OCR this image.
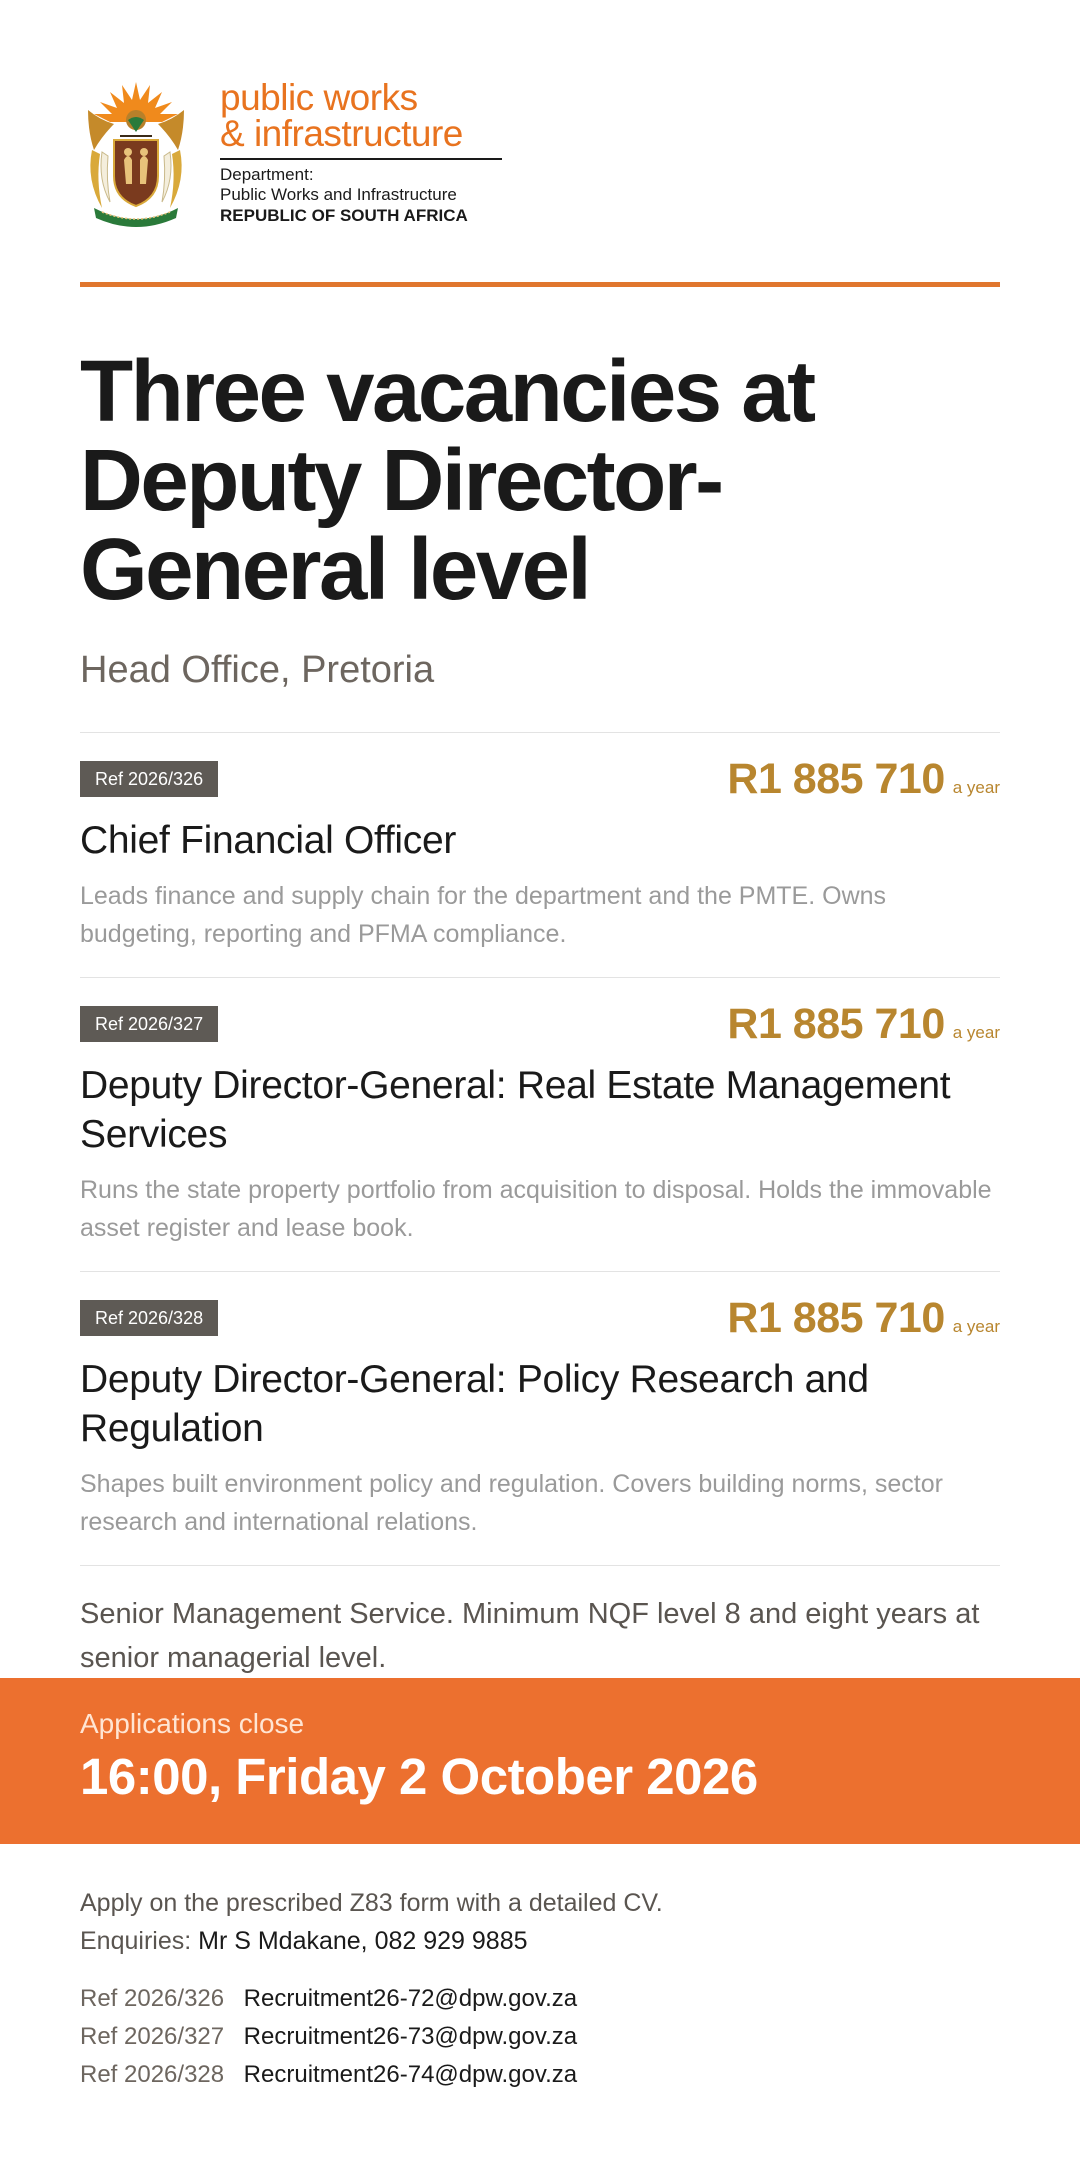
public works
& infrastructure
Department:
Public Works and Infrastructure
REPUBLIC OF SOUTH AFRICA
Three vacancies at Deputy Director-General level
Head Office, Pretoria
Ref 2026/326	R1 885 710 a year
Chief Financial Officer
Leads finance and supply chain for the department and the PMTE. Owns budgeting, reporting and PFMA compliance.
Ref 2026/327	R1 885 710 a year
Deputy Director-General: Real Estate Management Services
Runs the state property portfolio from acquisition to disposal. Holds the immovable asset register and lease book.
Ref 2026/328	R1 885 710 a year
Deputy Director-General: Policy Research and Regulation
Shapes built environment policy and regulation. Covers building norms, sector research and international relations.
Senior Management Service. Minimum NQF level 8 and eight years at senior managerial level.
Applications close
16:00, Friday 2 October 2026
Apply on the prescribed Z83 form with a detailed CV.
Enquiries: Mr S Mdakane, 082 929 9885
Ref 2026/326 Recruitment26-72@dpw.gov.za
Ref 2026/327 Recruitment26-73@dpw.gov.za
Ref 2026/328 Recruitment26-74@dpw.gov.za
